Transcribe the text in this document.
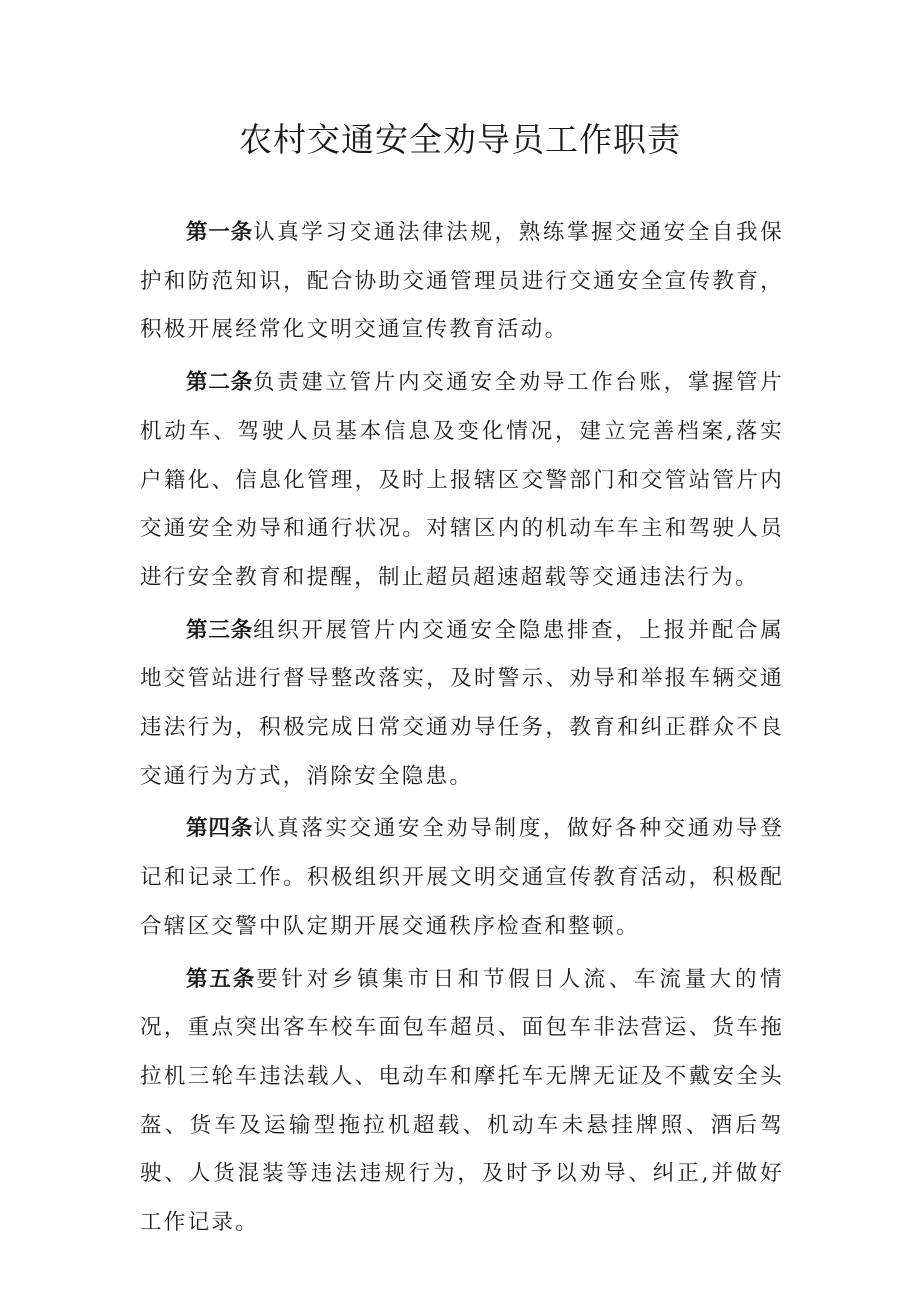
农村交通安全劝导员工作职责

第一条认真学习交通法律法规，熟练掌握交通安全自我保护和防范知识，配合协助交通管理员进行交通安全宣传教育，积极开展经常化文明交通宣传教育活动。

第二条负责建立管片内交通安全劝导工作台账，掌握管片机动车、驾驶人员基本信息及变化情况，建立完善档案,落实户籍化、信息化管理，及时上报辖区交警部门和交管站管片内交通安全劝导和通行状况。对辖区内的机动车车主和驾驶人员进行安全教育和提醒，制止超员超速超载等交通违法行为。

第三条组织开展管片内交通安全隐患排查，上报并配合属地交管站进行督导整改落实，及时警示、劝导和举报车辆交通违法行为，积极完成日常交通劝导任务，教育和纠正群众不良交通行为方式，消除安全隐患。

第四条认真落实交通安全劝导制度，做好各种交通劝导登记和记录工作。积极组织开展文明交通宣传教育活动，积极配合辖区交警中队定期开展交通秩序检查和整顿。

第五条要针对乡镇集市日和节假日人流、车流量大的情况，重点突出客车校车面包车超员、面包车非法营运、货车拖拉机三轮车违法载人、电动车和摩托车无牌无证及不戴安全头盔、货车及运输型拖拉机超载、机动车未悬挂牌照、酒后驾驶、人货混装等违法违规行为，及时予以劝导、纠正,并做好工作记录。
